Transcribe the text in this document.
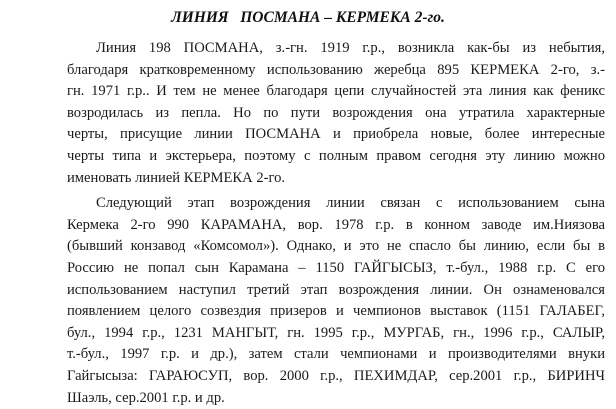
ЛИНИЯ   ПОСМАНА – КЕРМЕКА 2-го.
Линия 198 ПОСМАНА, з.-гн. 1919 г.р., возникла как-бы из небытия,
благодаря кратковременному использованию жеребца 895 КЕРМЕКА 2-го, з.-
гн. 1971 г.р.. И тем не менее благодаря цепи случайностей эта линия как феникс
возродилась из пепла. Но по пути возрождения она утратила характерные
черты, присущие линии ПОСМАНА и приобрела новые, более интересные
черты типа и экстерьера, поэтому с полным правом сегодня эту линию можно
именовать линией КЕРМЕКА 2-го.
Следующий этап возрождения линии связан с использованием сына
Кермека 2-го 990 КАРАМАНА, вор. 1978 г.р. в конном заводе им.Ниязова
(бывший конзавод «Комсомол»). Однако, и это не спасло бы линию, если бы в
Россию не попал сын Карамана – 1150 ГАЙГЫСЫЗ, т.-бул., 1988 г.р. С его
использованием наступил третий этап возрождения линии. Он ознаменовался
появлением целого созвездия призеров и чемпионов выставок (1151 ГАЛАБЕГ,
бул., 1994 г.р., 1231 МАНГЫТ, гн. 1995 г.р., МУРГАБ, гн., 1996 г.р., САЛЫР,
т.-бул., 1997 г.р. и др.), затем стали чемпионами и производителями внуки
Гайгысыза: ГАРАЮСУП, вор. 2000 г.р., ПЕХИМДАР, сер.2001 г.р., БИРИНЧ
Шаэль, сер.2001 г.р. и др.
